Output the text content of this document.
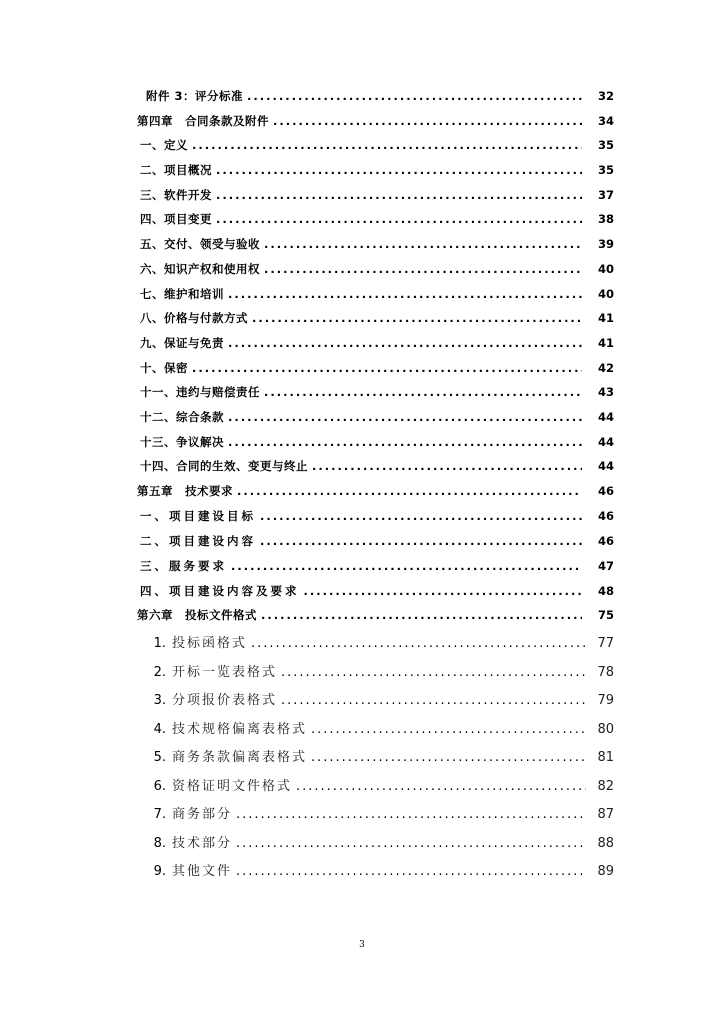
附件 3：评分标准 .....	32
第四章　合同条款及附件 .....	34
一、定义 .....	35
二、项目概况 .....	35
三、软件开发 .....	37
四、项目变更 .....	38
五、交付、领受与验收 .....	39
六、知识产权和使用权 .....	40
七、维护和培训 .....	40
八、价格与付款方式 .....	41
九、保证与免责 .....	41
十、保密 .....	42
十一、违约与赔偿责任 .....	43
十二、综合条款 .....	44
十三、争议解决 .....	44
十四、合同的生效、变更与终止 .....	44
第五章　技术要求 .....	46
一、项目建设目标 .....	46
二、项目建设内容 .....	46
三、服务要求 .....	47
四、项目建设内容及要求 .....	48
第六章　投标文件格式 .....	75
1. 投标函格式 .....	77
2. 开标一览表格式 .....	78
3. 分项报价表格式 .....	79
4. 技术规格偏离表格式 .....	80
5. 商务条款偏离表格式 .....	81
6. 资格证明文件格式 .....	82
7. 商务部分 .....	87
8. 技术部分 .....	88
9. 其他文件 .....	89
3
